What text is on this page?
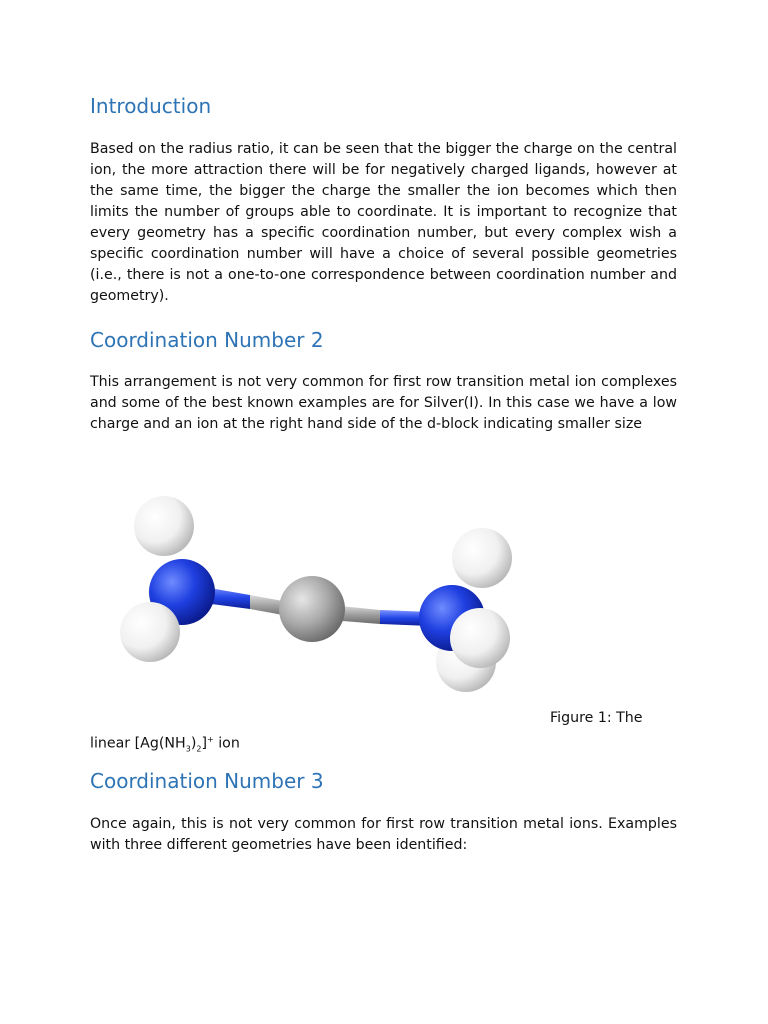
Introduction

Based on the radius ratio, it can be seen that the bigger the charge on the central ion, the more attraction there will be for negatively charged ligands, however at the same time, the bigger the charge the smaller the ion becomes which then limits the number of groups able to coordinate. It is important to recognize that every geometry has a specific coordination number, but every complex wish a specific coordination number will have a choice of several possible geometries (i.e., there is not a one-to-one correspondence between coordination number and geometry).

Coordination Number 2

This arrangement is not very common for first row transition metal ion complexes and some of the best known examples are for Silver(I). In this case we have a low charge and an ion at the right hand side of the d-block indicating smaller size

Coordination Number 3

Once again, this is not very common for first row transition metal ions. Examples with three different geometries have been identified:

linear $[Ag(NH_3)_2]^+$ ion
Figure 1: The
